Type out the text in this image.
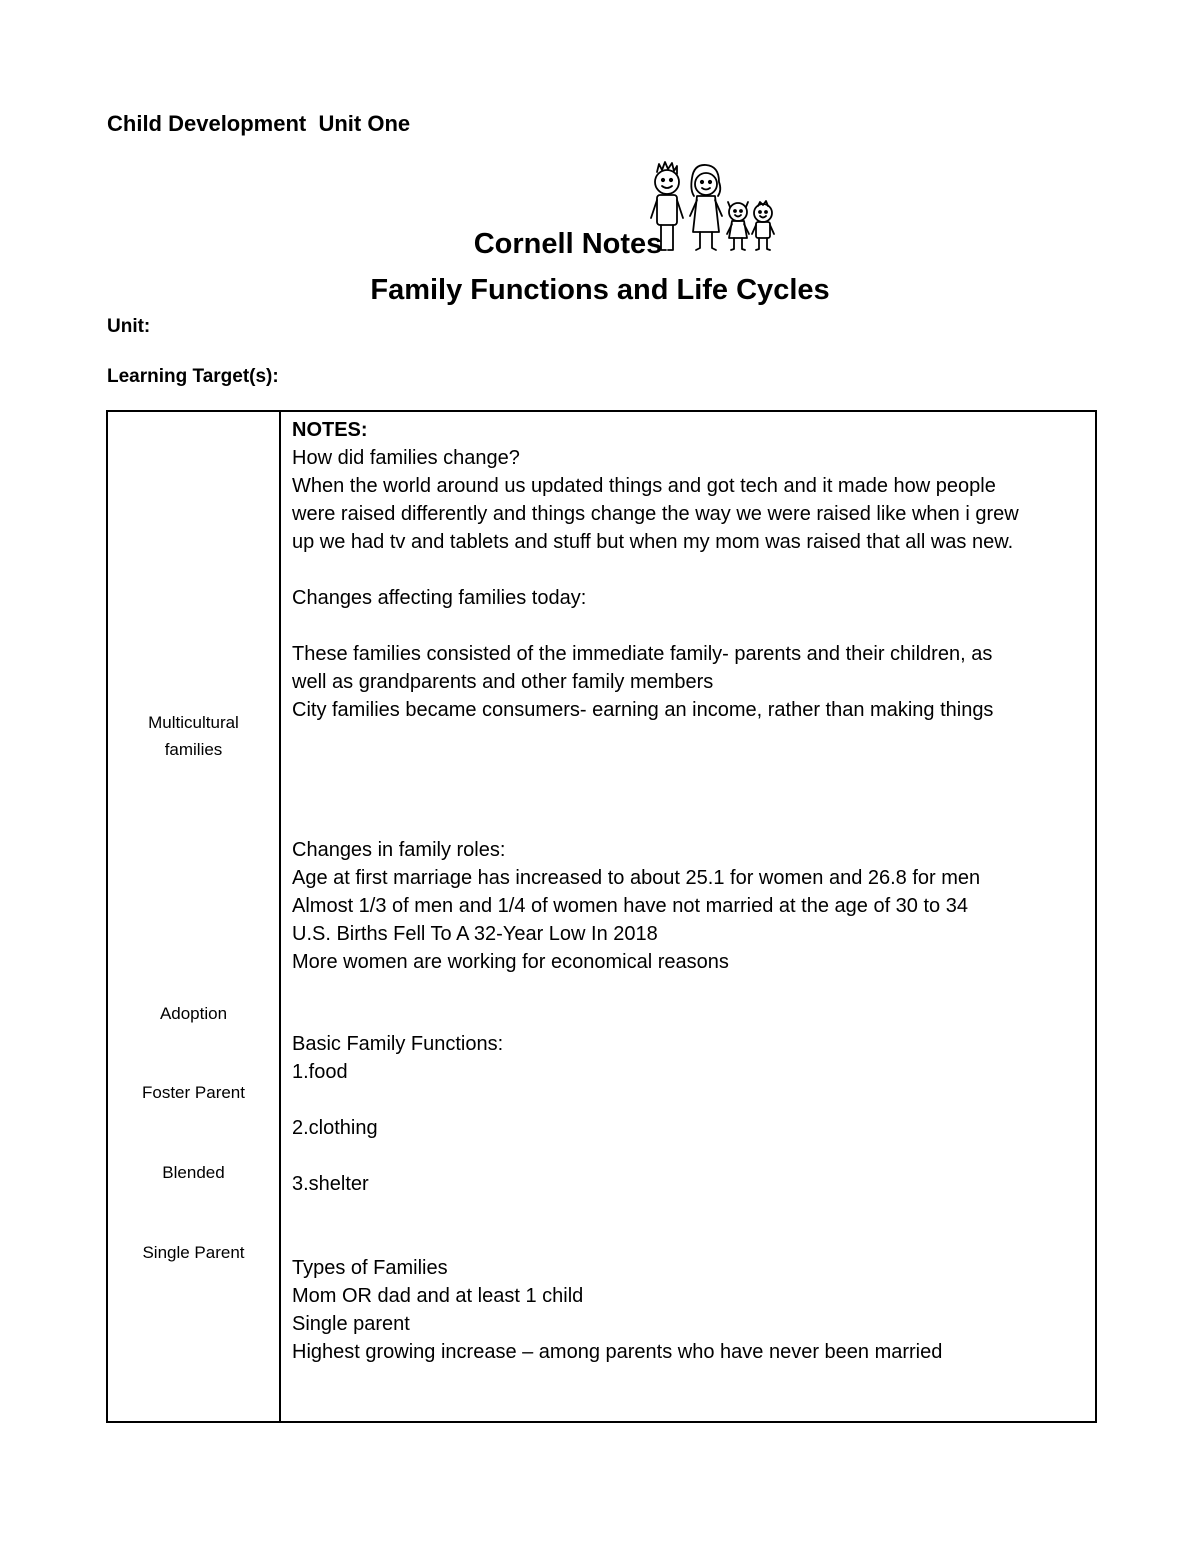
Child Development  Unit One
Cornell Notes
Family Functions and Life Cycles
Unit:
Learning Target(s):
Multicultural
families
Adoption
Foster Parent
Blended
Single Parent
NOTES:
How did families change?
When the world around us updated things and got tech and it made how people
were raised differently and things change the way we were raised like when i grew
up we had tv and tablets and stuff but when my mom was raised that all was new.
Changes affecting families today:
These families consisted of the immediate family- parents and their children, as
well as grandparents and other family members
City families became consumers- earning an income, rather than making things
Changes in family roles:
Age at first marriage has increased to about 25.1 for women and 26.8 for men
Almost 1/3 of men and 1/4 of women have not married at the age of 30 to 34
U.S. Births Fell To A 32-Year Low In 2018
More women are working for economical reasons
Basic Family Functions:
1.food
2.clothing
3.shelter
Types of Families
Mom OR dad and at least 1 child
Single parent
Highest growing increase – among parents who have never been married
